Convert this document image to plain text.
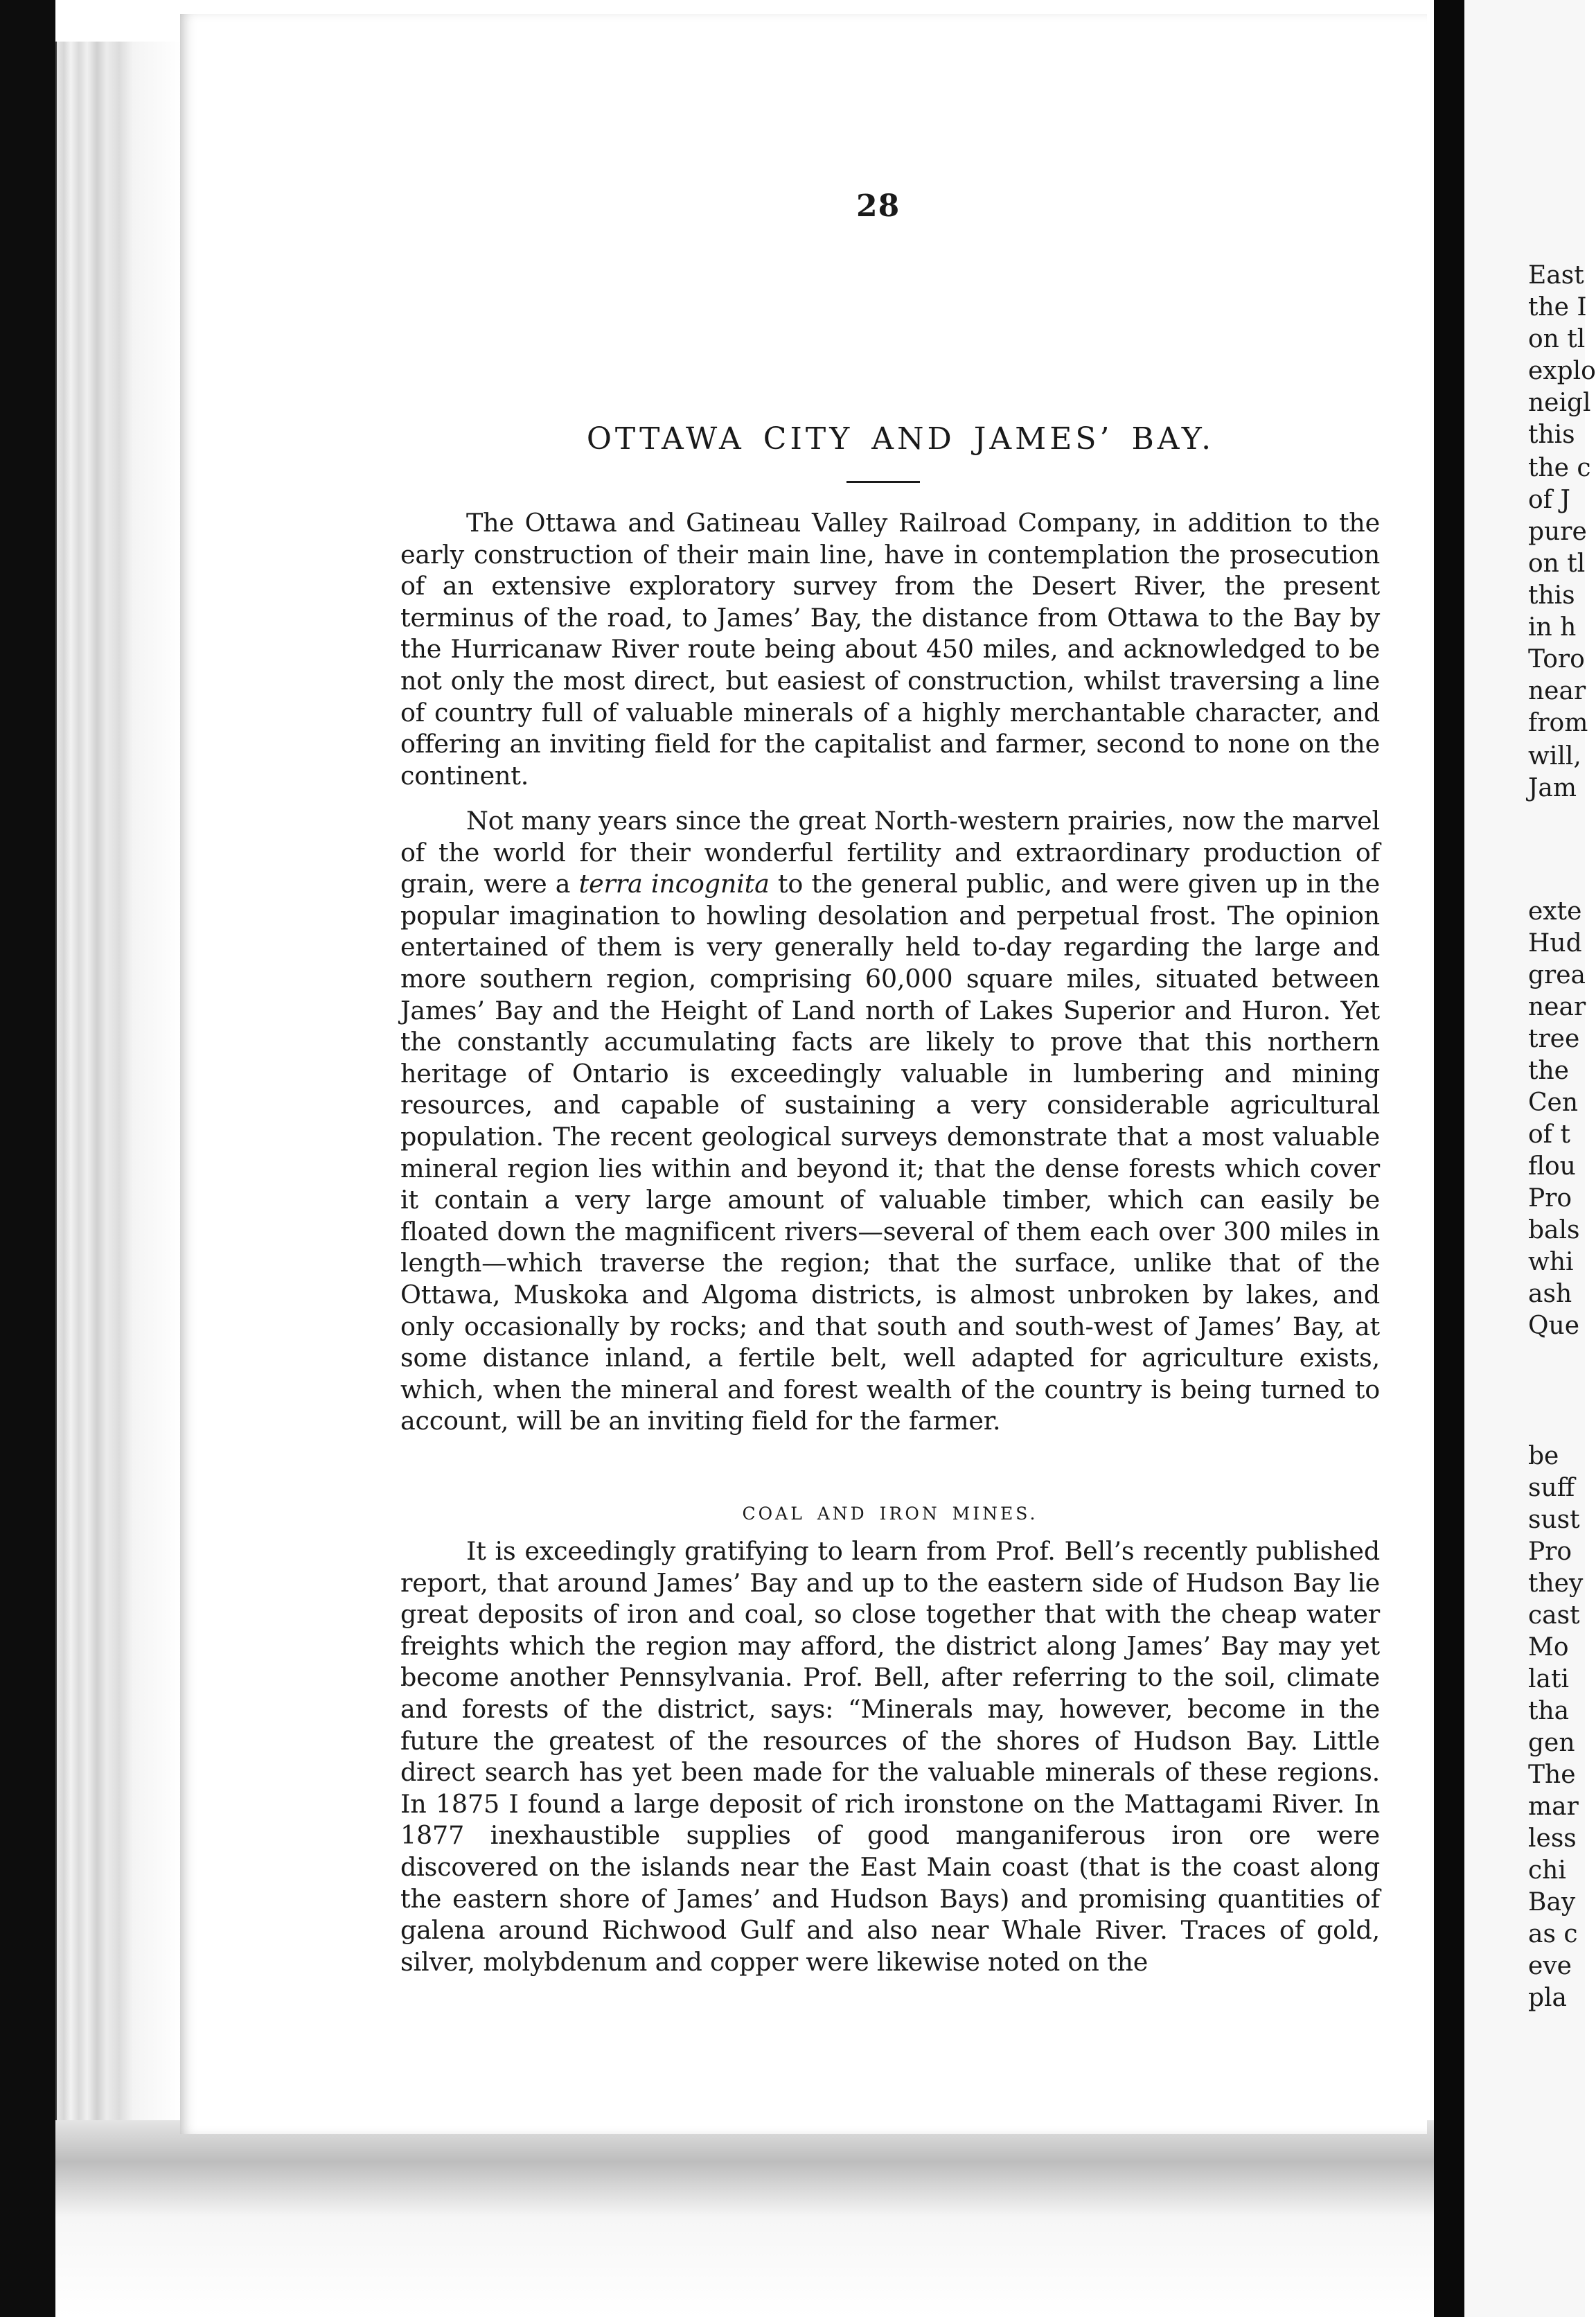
28
OTTAWA CITY AND JAMES’ BAY.

The Ottawa and Gatineau Valley Railroad Company, in addition to the early construction of their main line, have in contemplation the prosecution of an extensive exploratory survey from the Desert River, the present terminus of the road, to James’ Bay, the distance from Ottawa to the Bay by the Hurricanaw River route being about 450 miles, and acknowledged to be not only the most direct, but easiest of construction, whilst traversing a line of country full of valuable minerals of a highly merchantable character, and offering an inviting field for the capitalist and farmer, second to none on the continent.

Not many years since the great North-western prairies, now the marvel of the world for their wonderful fertility and extraordinary production of grain, were a terra incognita to the general public, and were given up in the popular imagination to howling desolation and perpetual frost. The opinion entertained of them is very generally held to-day regarding the large and more southern region, comprising 60,000 square miles, situated between James’ Bay and the Height of Land north of Lakes Superior and Huron. Yet the constantly accumulating facts are likely to prove that this northern heritage of Ontario is exceedingly valuable in lumbering and mining resources, and capable of sustaining a very considerable agricultural population. The recent geological surveys demonstrate that a most valuable mineral region lies within and beyond it; that the dense forests which cover it contain a very large amount of valuable timber, which can easily be floated down the magnificent rivers—several of them each over 300 miles in length—which traverse the region; that the surface, unlike that of the Ottawa, Muskoka and Algoma districts, is almost unbroken by lakes, and only occasionally by rocks; and that south and south-west of James’ Bay, at some distance inland, a fertile belt, well adapted for agriculture exists, which, when the mineral and forest wealth of the country is being turned to account, will be an inviting field for the farmer.

COAL AND IRON MINES.

It is exceedingly gratifying to learn from Prof. Bell’s recently published report, that around James’ Bay and up to the eastern side of Hudson Bay lie great deposits of iron and coal, so close together that with the cheap water freights which the region may afford, the district along James’ Bay may yet become another Pennsylvania. Prof. Bell, after referring to the soil, climate and forests of the district, says: “Minerals may, however, become in the future the greatest of the resources of the shores of Hudson Bay. Little direct search has yet been made for the valuable minerals of these regions. In 1875 I found a large deposit of rich ironstone on the Mattagami River. In 1877 inexhaustible supplies of good manganiferous iron ore were discovered on the islands near the East Main coast (that is the coast along the eastern shore of James’ and Hudson Bays) and promising quantities of galena around Richwood Gulf and also near Whale River. Traces of gold, silver, molybdenum and copper were likewise noted on the

East
the I
on tl
explo
neigl
this
the c
of J
pure
on tl
this
in h
Toro
near
from
will,
Jam
exte
Hud
grea
near
tree
the
Cen
of t
flou
Pro
bals
whi
ash
Que
be
suff
sust
Pro
they
cast
Mo
lati
tha
gen
The
mar
less
chi
Bay
as c
eve
pla
